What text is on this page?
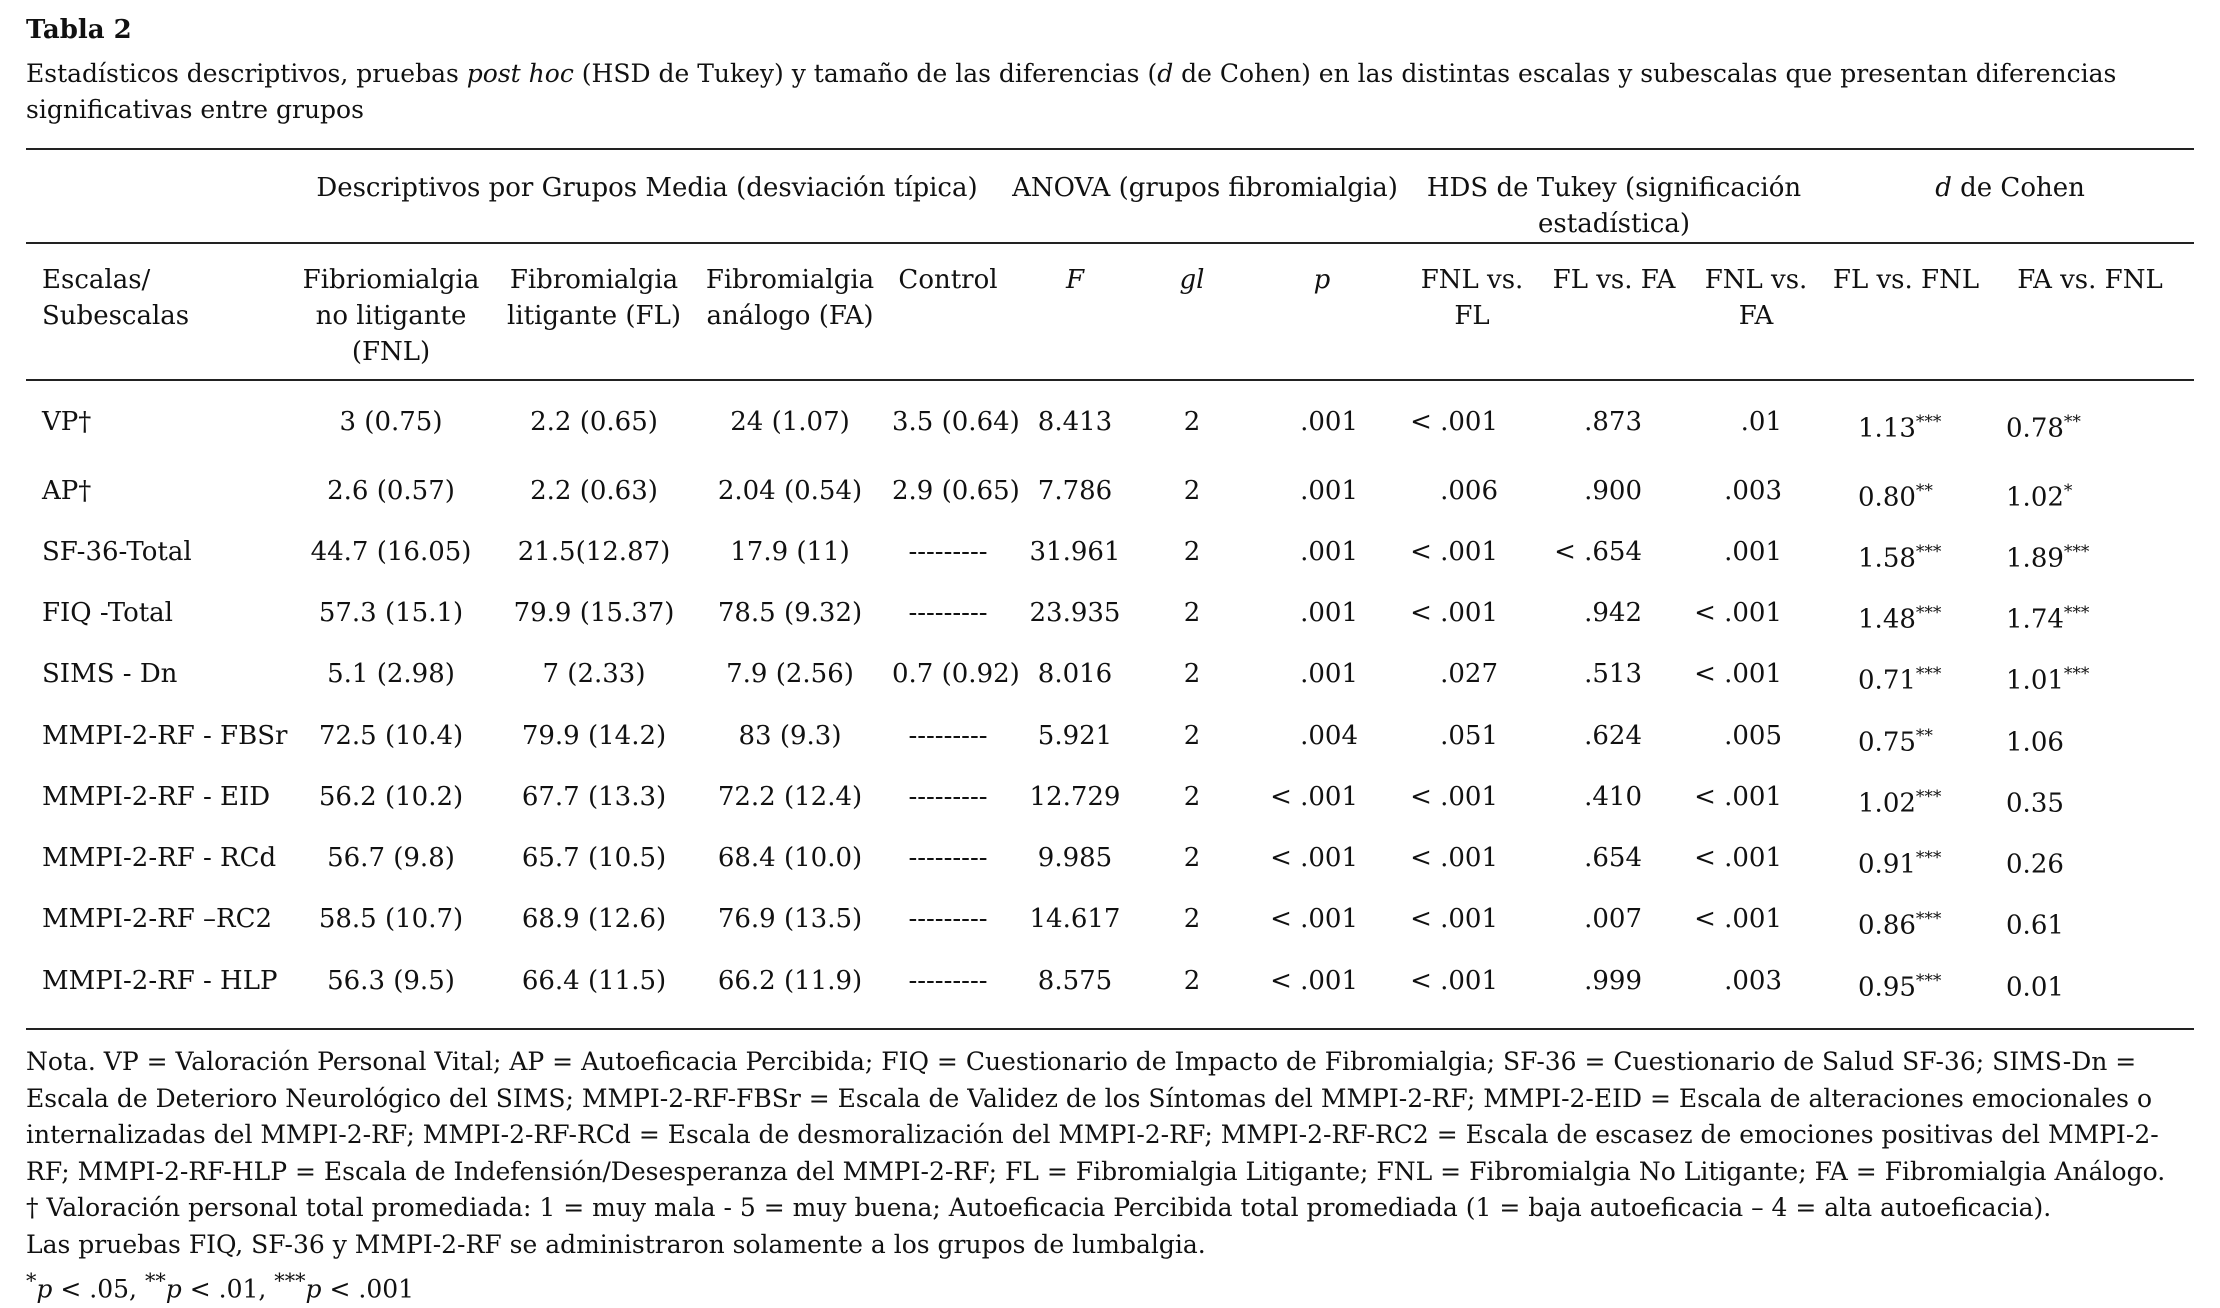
Tabla 2
Estadísticos descriptivos, pruebas post hoc (HSD de Tukey) y tamaño de las diferencias (d de Cohen) en las distintas escalas y subescalas que presentan diferencias significativas entre grupos
	Descriptivos por Grupos Media (desviación típica)				ANOVA (grupos fibromialgia)			HDS de Tukey (significación estadística)			d de Cohen	
Escalas/ Subescalas	Fibriomialgia no litigante (FNL)	Fibromialgia litigante (FL)	Fibromialgia análogo (FA)	Control	F	gl	p	FNL vs. FL	FL vs. FA	FNL vs. FA	FL vs. FNL	FA vs. FNL
VP†	3 (0.75)	2.2 (0.65)	24 (1.07)	3.5 (0.64)	8.413	2	.001	< .001	.873	.01	1.13***	0.78**
AP†	2.6 (0.57)	2.2 (0.63)	2.04 (0.54)	2.9 (0.65)	7.786	2	.001	.006	.900	.003	0.80**	1.02*
SF-36-Total	44.7 (16.05)	21.5(12.87)	17.9 (11)	---------	31.961	2	.001	< .001	< .654	.001	1.58***	1.89***
FIQ -Total	57.3 (15.1)	79.9 (15.37)	78.5 (9.32)	---------	23.935	2	.001	< .001	.942	< .001	1.48***	1.74***
SIMS - Dn	5.1 (2.98)	7 (2.33)	7.9 (2.56)	0.7 (0.92)	8.016	2	.001	.027	.513	< .001	0.71***	1.01***
MMPI-2-RF - FBSr	72.5 (10.4)	79.9 (14.2)	83 (9.3)	---------	5.921	2	.004	.051	.624	.005	0.75**	1.06
MMPI-2-RF - EID	56.2 (10.2)	67.7 (13.3)	72.2 (12.4)	---------	12.729	2	< .001	< .001	.410	< .001	1.02***	0.35
MMPI-2-RF - RCd	56.7 (9.8)	65.7 (10.5)	68.4 (10.0)	---------	9.985	2	< .001	< .001	.654	< .001	0.91***	0.26
MMPI-2-RF –RC2	58.5 (10.7)	68.9 (12.6)	76.9 (13.5)	---------	14.617	2	< .001	< .001	.007	< .001	0.86***	0.61
MMPI-2-RF - HLP	56.3 (9.5)	66.4 (11.5)	66.2 (11.9)	---------	8.575	2	< .001	< .001	.999	.003	0.95***	0.01

Nota. VP = Valoración Personal Vital; AP = Autoeficacia Percibida; FIQ = Cuestionario de Impacto de Fibromialgia; SF-36 = Cuestionario de Salud SF-36; SIMS-Dn = Escala de Deterioro Neurológico del SIMS; MMPI-2-RF-FBSr = Escala de Validez de los Síntomas del MMPI-2-RF; MMPI-2-EID = Escala de alteraciones emocionales o internalizadas del MMPI-2-RF; MMPI-2-RF-RCd = Escala de desmoralización del MMPI-2-RF; MMPI-2-RF-RC2 = Escala de escasez de emociones positivas del MMPI-2-RF; MMPI-2-RF-HLP = Escala de Indefensión/Desesperanza del MMPI-2-RF; FL = Fibromialgia Litigante; FNL = Fibromialgia No Litigante; FA = Fibromialgia Análogo.

† Valoración personal total promediada: 1 = muy mala - 5 = muy buena; Autoeficacia Percibida total promediada (1 = baja autoeficacia – 4 = alta autoeficacia).

Las pruebas FIQ, SF-36 y MMPI-2-RF se administraron solamente a los grupos de lumbalgia.

*p < .05, **p < .01, ***p < .001
